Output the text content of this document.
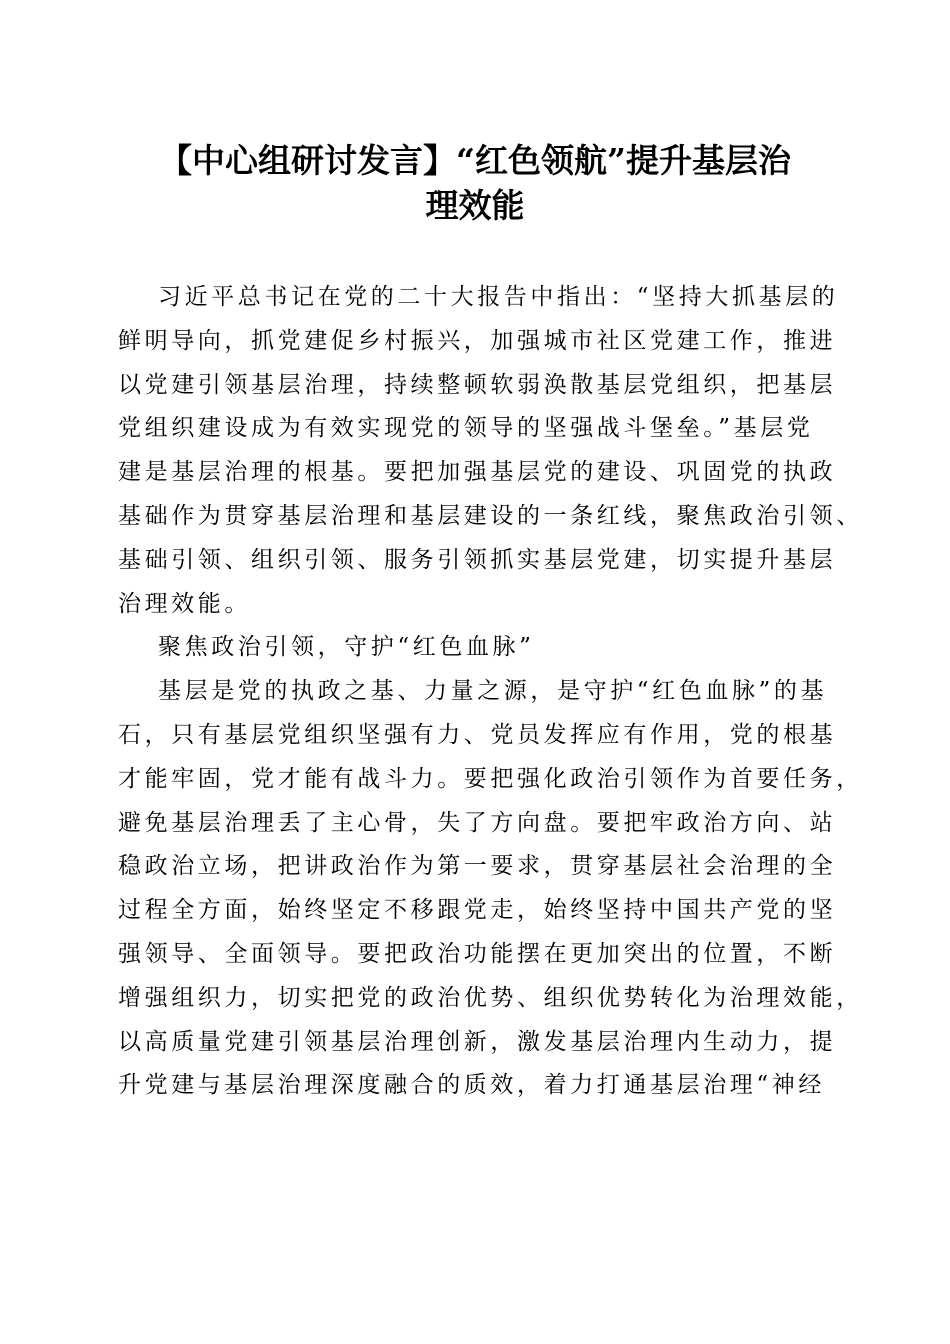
【中心组研讨发言】“红色领航”提升基层治
理效能
习近平总书记在党的二十大报告中指出：“坚持大抓基层的
鲜明导向，抓党建促乡村振兴，加强城市社区党建工作，推进
以党建引领基层治理，持续整顿软弱涣散基层党组织，把基层
党组织建设成为有效实现党的领导的坚强战斗堡垒。”基层党
建是基层治理的根基。要把加强基层党的建设、巩固党的执政
基础作为贯穿基层治理和基层建设的一条红线，聚焦政治引领、
基础引领、组织引领、服务引领抓实基层党建，切实提升基层
治理效能。
聚焦政治引领，守护“红色血脉”
基层是党的执政之基、力量之源，是守护“红色血脉”的基
石，只有基层党组织坚强有力、党员发挥应有作用，党的根基
才能牢固，党才能有战斗力。要把强化政治引领作为首要任务，
避免基层治理丢了主心骨，失了方向盘。要把牢政治方向、站
稳政治立场，把讲政治作为第一要求，贯穿基层社会治理的全
过程全方面，始终坚定不移跟党走，始终坚持中国共产党的坚
强领导、全面领导。要把政治功能摆在更加突出的位置，不断
增强组织力，切实把党的政治优势、组织优势转化为治理效能，
以高质量党建引领基层治理创新，激发基层治理内生动力，提
升党建与基层治理深度融合的质效，着力打通基层治理“神经
